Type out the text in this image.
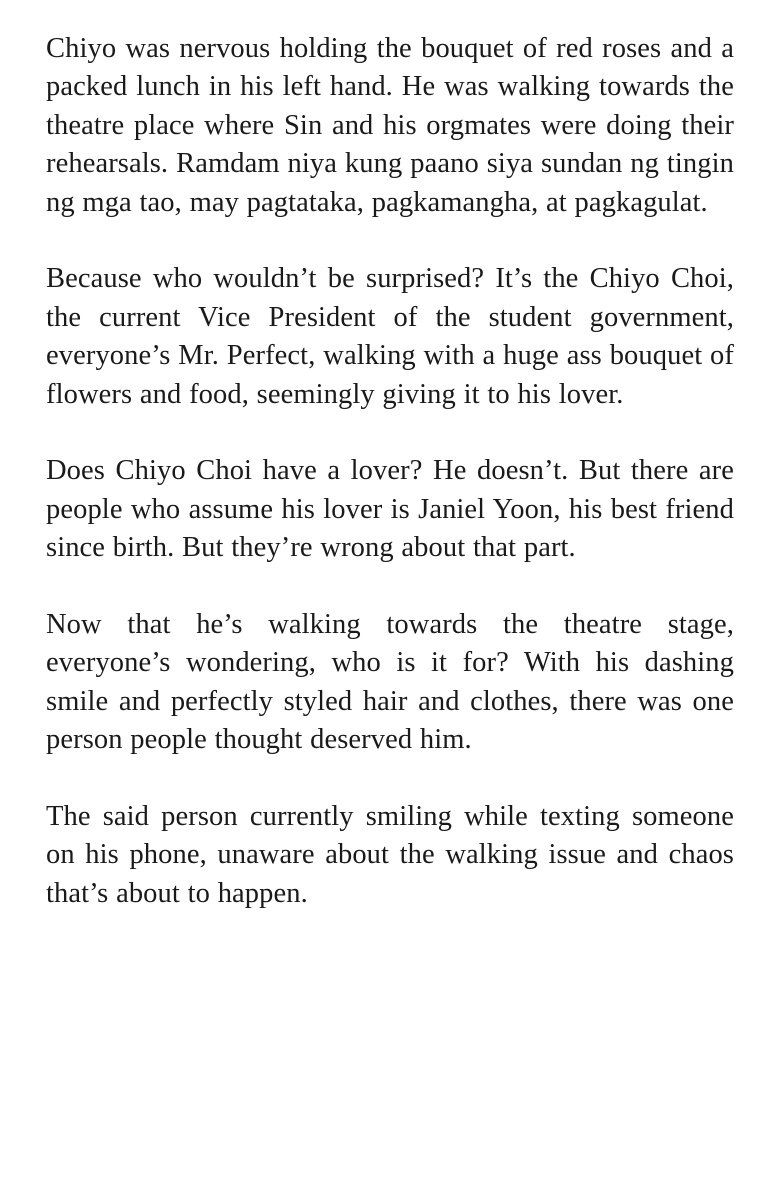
Chiyo was nervous holding the bouquet of red roses and a packed lunch in his left hand. He was walking towards the theatre place where Sin and his orgmates were doing their rehearsals. Ramdam niya kung paano siya sundan ng tingin ng mga tao, may pagtataka, pagkamangha, at pagkagulat.

Because who wouldn’t be surprised? It’s the Chiyo Choi, the current Vice President of the student government, everyone’s Mr. Perfect, walking with a huge ass bouquet of flowers and food, seemingly giving it to his lover.

Does Chiyo Choi have a lover? He doesn’t. But there are people who assume his lover is Janiel Yoon, his best friend since birth. But they’re wrong about that part.

Now that he’s walking towards the theatre stage, everyone’s wondering, who is it for? With his dashing smile and perfectly styled hair and clothes, there was one person people thought deserved him.

The said person currently smiling while texting someone on his phone, unaware about the walking issue and chaos that’s about to happen.
